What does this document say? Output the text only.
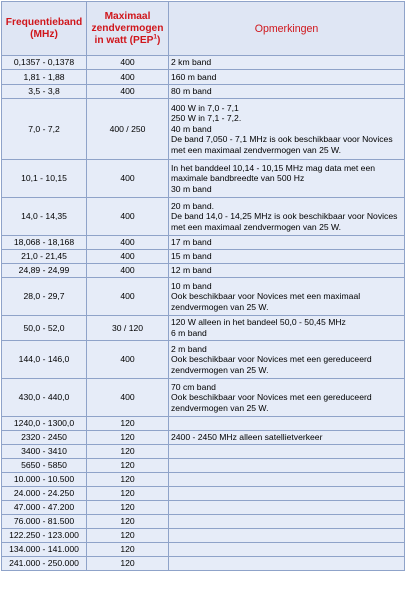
Frequentieband
(MHz)	Maximaal
zendvermogen
in watt (PEP$^1$)	Opmerkingen
0,1357 - 0,1378	400	2 km band

1,81 - 1,88	400	160 m band

3,5 - 3,8	400	80 m band

7,0 - 7,2	400 / 250	400 W in 7,0 - 7,1
250 W in 7,1 - 7,2.
40 m band
De band 7,050 - 7,1 MHz is ook beschikbaar voor Novices
met een maximaal zendvermogen van 25 W.

10,1 - 10,15	400	In het banddeel 10,14 - 10,15 MHz mag data met een
maximale bandbreedte van 500 Hz
30 m band

14,0 - 14,35	400	20 m band.
De band 14,0 - 14,25 MHz is ook beschikbaar voor Novices
met een maximaal zendvermogen van 25 W.

18,068 - 18,168	400	17 m band

21,0 - 21,45	400	15 m band

24,89 - 24,99	400	12 m band

28,0 - 29,7	400	10 m band
Ook beschikbaar voor Novices met een maximaal
zendvermogen van 25 W.

50,0 - 52,0	30 / 120	120 W alleen in het bandeel 50,0 - 50,45 MHz
6 m band

144,0 - 146,0	400	2 m band
Ook beschikbaar voor Novices met een gereduceerd
zendvermogen van 25 W.

430,0 - 440,0	400	70 cm band
Ook beschikbaar voor Novices met een gereduceerd
zendvermogen van 25 W.

1240,0 - 1300,0	120	
2320 - 2450	120	2400 - 2450 MHz alleen satellietverkeer

3400 - 3410	120	
5650 - 5850	120	
10.000 - 10.500	120	
24.000 - 24.250	120	
47.000 - 47.200	120	
76.000 - 81.500	120	
122.250 - 123.000	120	
134.000 - 141.000	120	
241.000 - 250.000	120	
